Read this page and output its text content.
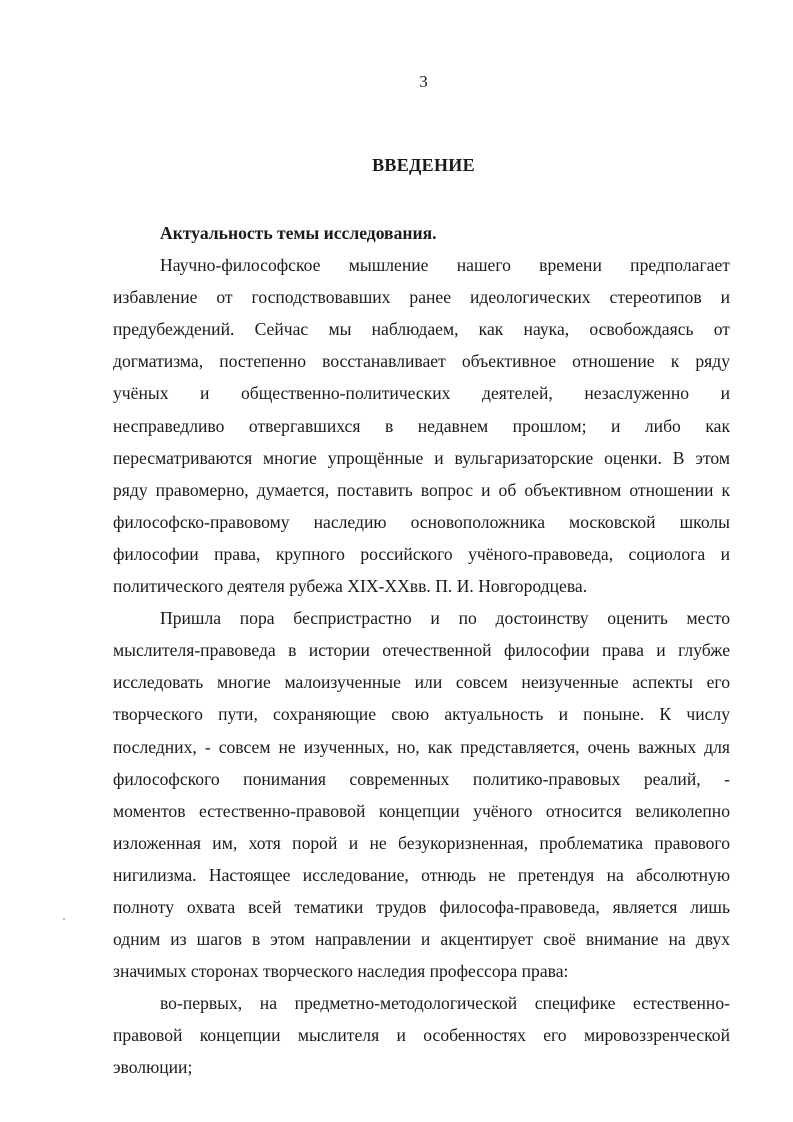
3
ВВЕДЕНИЕ
Актуальность темы исследования.
Научно-философское мышление нашего времени предполагает
избавление от господствовавших ранее идеологических стереотипов и
предубеждений. Сейчас мы наблюдаем, как наука, освобождаясь от
догматизма, постепенно восстанавливает объективное отношение к ряду
учёных и общественно-политических деятелей, незаслуженно и
несправедливо отвергавшихся в недавнем прошлом; и либо как
пересматриваются многие упрощённые и вульгаризаторские оценки. В этом
ряду правомерно, думается, поставить вопрос и об объективном отношении к
философско-правовому наследию основоположника московской школы
философии права, крупного российского учёного-правоведа, социолога и
политического деятеля рубежа XIX-XXвв. П. И. Новгородцева.
Пришла пора беспристрастно и по достоинству оценить место
мыслителя-правоведа в истории отечественной философии права и глубже
исследовать многие малоизученные или совсем неизученные аспекты его
творческого пути, сохраняющие свою актуальность и поныне. К числу
последних, - совсем не изученных, но, как представляется, очень важных для
философского понимания современных политико-правовых реалий, -
моментов естественно-правовой концепции учёного относится великолепно
изложенная им, хотя порой и не безукоризненная, проблематика правового
нигилизма. Настоящее исследование, отнюдь не претендуя на абсолютную
полноту охвата всей тематики трудов философа-правоведа, является лишь
одним из шагов в этом направлении и акцентирует своё внимание на двух
значимых сторонах творческого наследия профессора права:
во-первых, на предметно-методологической специфике естественно-
правовой концепции мыслителя и особенностях его мировоззренческой
эволюции;
